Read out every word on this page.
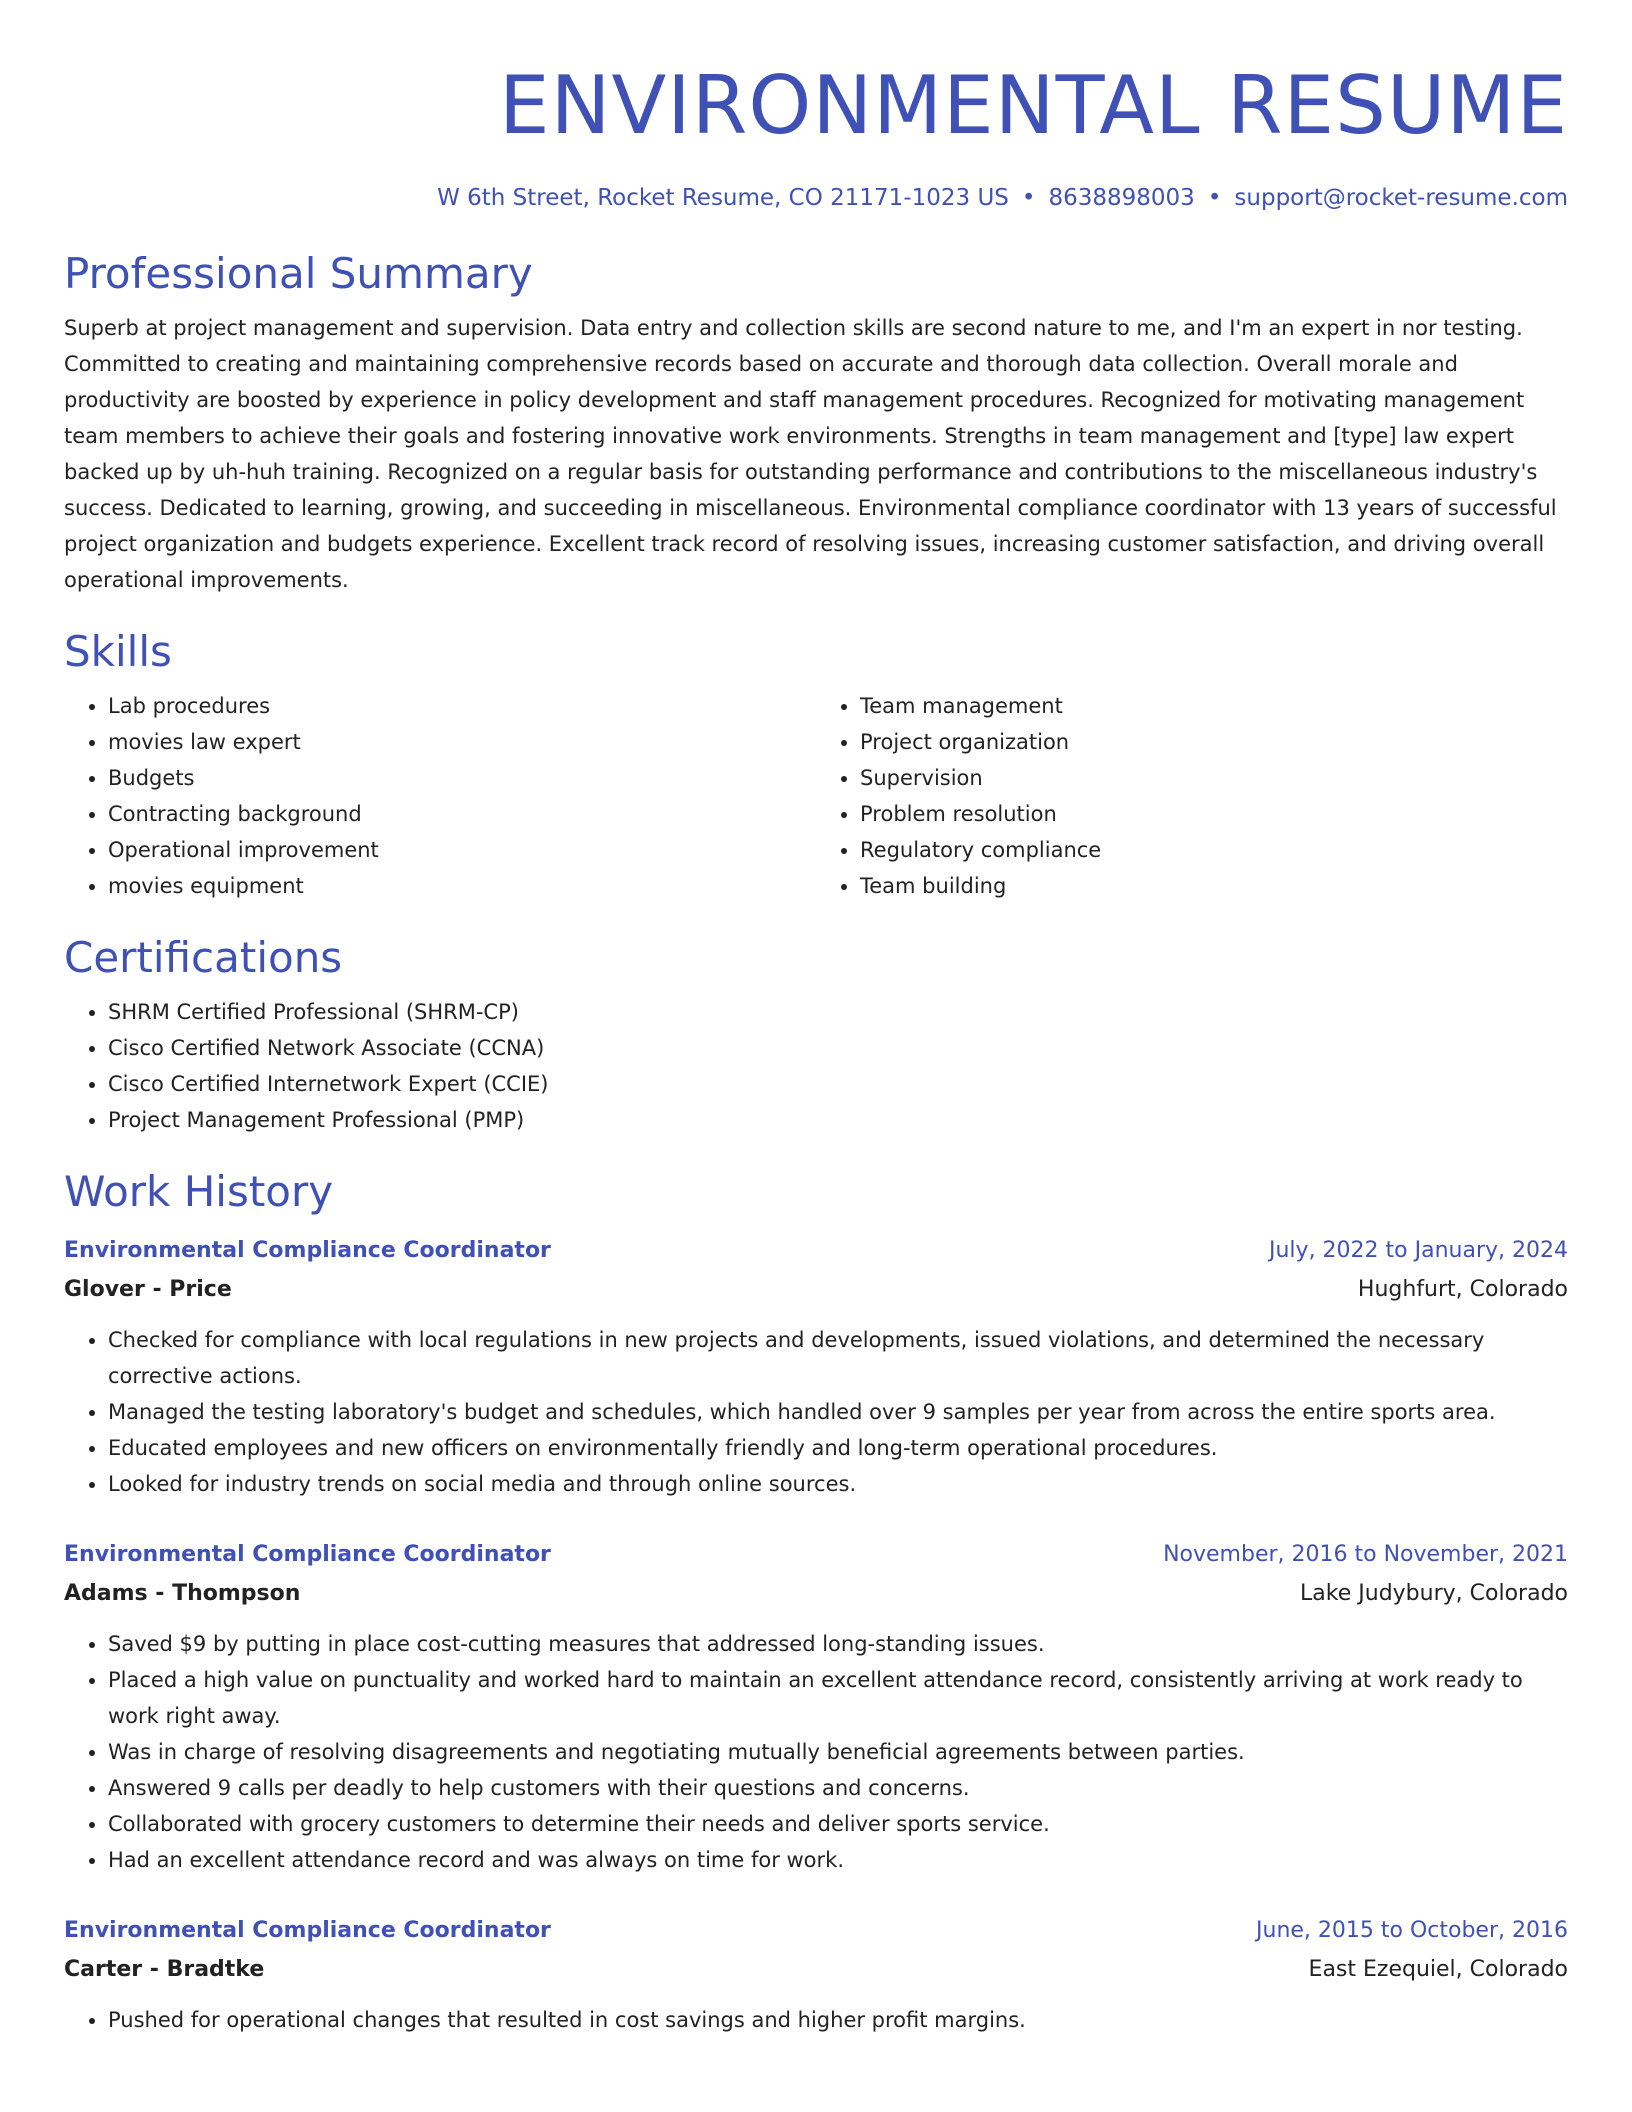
ENVIRONMENTAL RESUME
W 6th Street, Rocket Resume, CO 21171-1023 US • 8638898003 • support@rocket-resume.com
Professional Summary

Superb at project management and supervision. Data entry and collection skills are second nature to me, and I'm an expert in nor testing. Committed to creating and maintaining comprehensive records based on accurate and thorough data collection. Overall morale and productivity are boosted by experience in policy development and staff management procedures. Recognized for motivating management team members to achieve their goals and fostering innovative work environments. Strengths in team management and [type] law expert backed up by uh-huh training. Recognized on a regular basis for outstanding performance and contributions to the miscellaneous industry's success. Dedicated to learning, growing, and succeeding in miscellaneous. Environmental compliance coordinator with 13 years of successful project organization and budgets experience. Excellent track record of resolving issues, increasing customer satisfaction, and driving overall operational improvements.

Skills
• Lab procedures
• movies law expert
• Budgets
• Contracting background
• Operational improvement
• movies equipment
• Team management
• Project organization
• Supervision
• Problem resolution
• Regulatory compliance
• Team building
Certifications
• SHRM Certified Professional (SHRM-CP)
• Cisco Certified Network Associate (CCNA)
• Cisco Certified Internetwork Expert (CCIE)
• Project Management Professional (PMP)
Work History
Environmental Compliance Coordinator	July, 2022 to January, 2024
Glover - Price	Hughfurt, Colorado
• Checked for compliance with local regulations in new projects and developments, issued violations, and determined the necessary corrective actions.
• Managed the testing laboratory's budget and schedules, which handled over 9 samples per year from across the entire sports area.
• Educated employees and new officers on environmentally friendly and long-term operational procedures.
• Looked for industry trends on social media and through online sources.
Environmental Compliance Coordinator	November, 2016 to November, 2021
Adams - Thompson	Lake Judybury, Colorado
• Saved $9 by putting in place cost-cutting measures that addressed long-standing issues.
• Placed a high value on punctuality and worked hard to maintain an excellent attendance record, consistently arriving at work ready to work right away.
• Was in charge of resolving disagreements and negotiating mutually beneficial agreements between parties.
• Answered 9 calls per deadly to help customers with their questions and concerns.
• Collaborated with grocery customers to determine their needs and deliver sports service.
• Had an excellent attendance record and was always on time for work.
Environmental Compliance Coordinator	June, 2015 to October, 2016
Carter - Bradtke	East Ezequiel, Colorado
• Pushed for operational changes that resulted in cost savings and higher profit margins.
